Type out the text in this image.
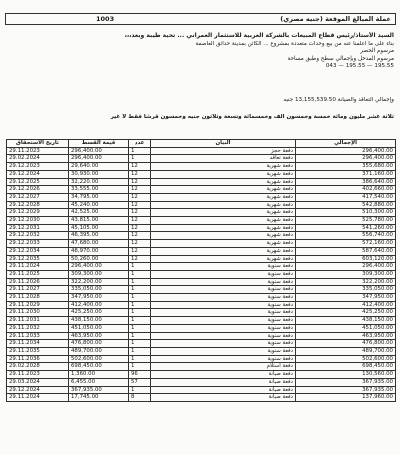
عملة المبالغ الموقعة (جنيه مصري)
1003
السيد الأستاذ/رئيس قطاع المبيعات بالشركة العربية للاستثمار العمراني ... تحية طيبة وبعد،،،
بناء على ما أعلمنا عنه من بيع وحدات متعددة بمشروع ... الكائن بمدينة حدائق العاصمة
مرسوم الحصر
مرسوم المدخل وبإجمالي سطح وطبق مساحة
195.55 — 195.55 — 043
وإجمالي التعاقد والصيانة 13,155,539.50 جنيه
ثلاثة عشر مليون ومائة خمسة وخمسون ألف وخمسمائة وتسعة وثلاثون جنيه وخمسون قرشا فقط لا غير
تاريخ الاستحقاق	قيمة القسط	عدد	البيان	الإجمالي
29.11.2023	296,400.00	1	دفعة حجز	296,400.00
29.02.2024	296,400.00	1	دفعة تعاقد	296,400.00
29.12.2023	29,640.00	12	دفعة شهرية	355,680.00
29.12.2024	30,930.00	12	دفعة شهرية	371,160.00
29.12.2025	32,220.00	12	دفعة شهرية	386,640.00
29.12.2026	33,555.00	12	دفعة شهرية	402,660.00
29.12.2027	34,795.00	12	دفعة شهرية	417,540.00
29.12.2028	45,240.00	12	دفعة شهرية	542,880.00
29.12.2029	42,525.00	12	دفعة شهرية	510,300.00
29.12.2030	43,815.00	12	دفعة شهرية	525,780.00
29.12.2031	45,105.00	12	دفعة شهرية	541,260.00
29.12.2032	46,395.00	12	دفعة شهرية	556,740.00
29.12.2033	47,680.00	12	دفعة شهرية	572,160.00
29.12.2034	48,970.00	12	دفعة شهرية	587,640.00
29.12.2035	50,260.00	12	دفعة شهرية	603,120.00
29.11.2024	296,400.00	1	دفعة سنوية	296,400.00
29.11.2025	309,300.00	1	دفعة سنوية	309,300.00
29.11.2026	322,200.00	1	دفعة سنوية	322,200.00
29.11.2027	335,050.00	1	دفعة سنوية	335,050.00
29.11.2028	347,950.00	1	دفعة سنوية	347,950.00
29.11.2029	412,400.00	1	دفعة سنوية	412,400.00
29.11.2030	425,250.00	1	دفعة سنوية	425,250.00
29.11.2031	438,150.00	1	دفعة سنوية	438,150.00
29.11.2032	451,050.00	1	دفعة سنوية	451,050.00
29.11.2033	463,950.00	1	دفعة سنوية	463,950.00
29.11.2034	476,800.00	1	دفعة سنوية	476,800.00
29.11.2035	489,700.00	1	دفعة سنوية	489,700.00
29.11.2036	502,600.00	1	دفعة سنوية	502,600.00
29.02.2028	698,450.00	1	دفعة استلام	698,450.00
29.11.2023	1,360.00	96	دفعة صيانة	130,560.00
29.03.2024	6,455.00	57	دفعة صيانة	367,935.00
29.12.2024	367,935.00	1	دفعة صيانة	367,935.00
29.11.2024	17,745.00	8	دفعة صيانة	137,960.00
